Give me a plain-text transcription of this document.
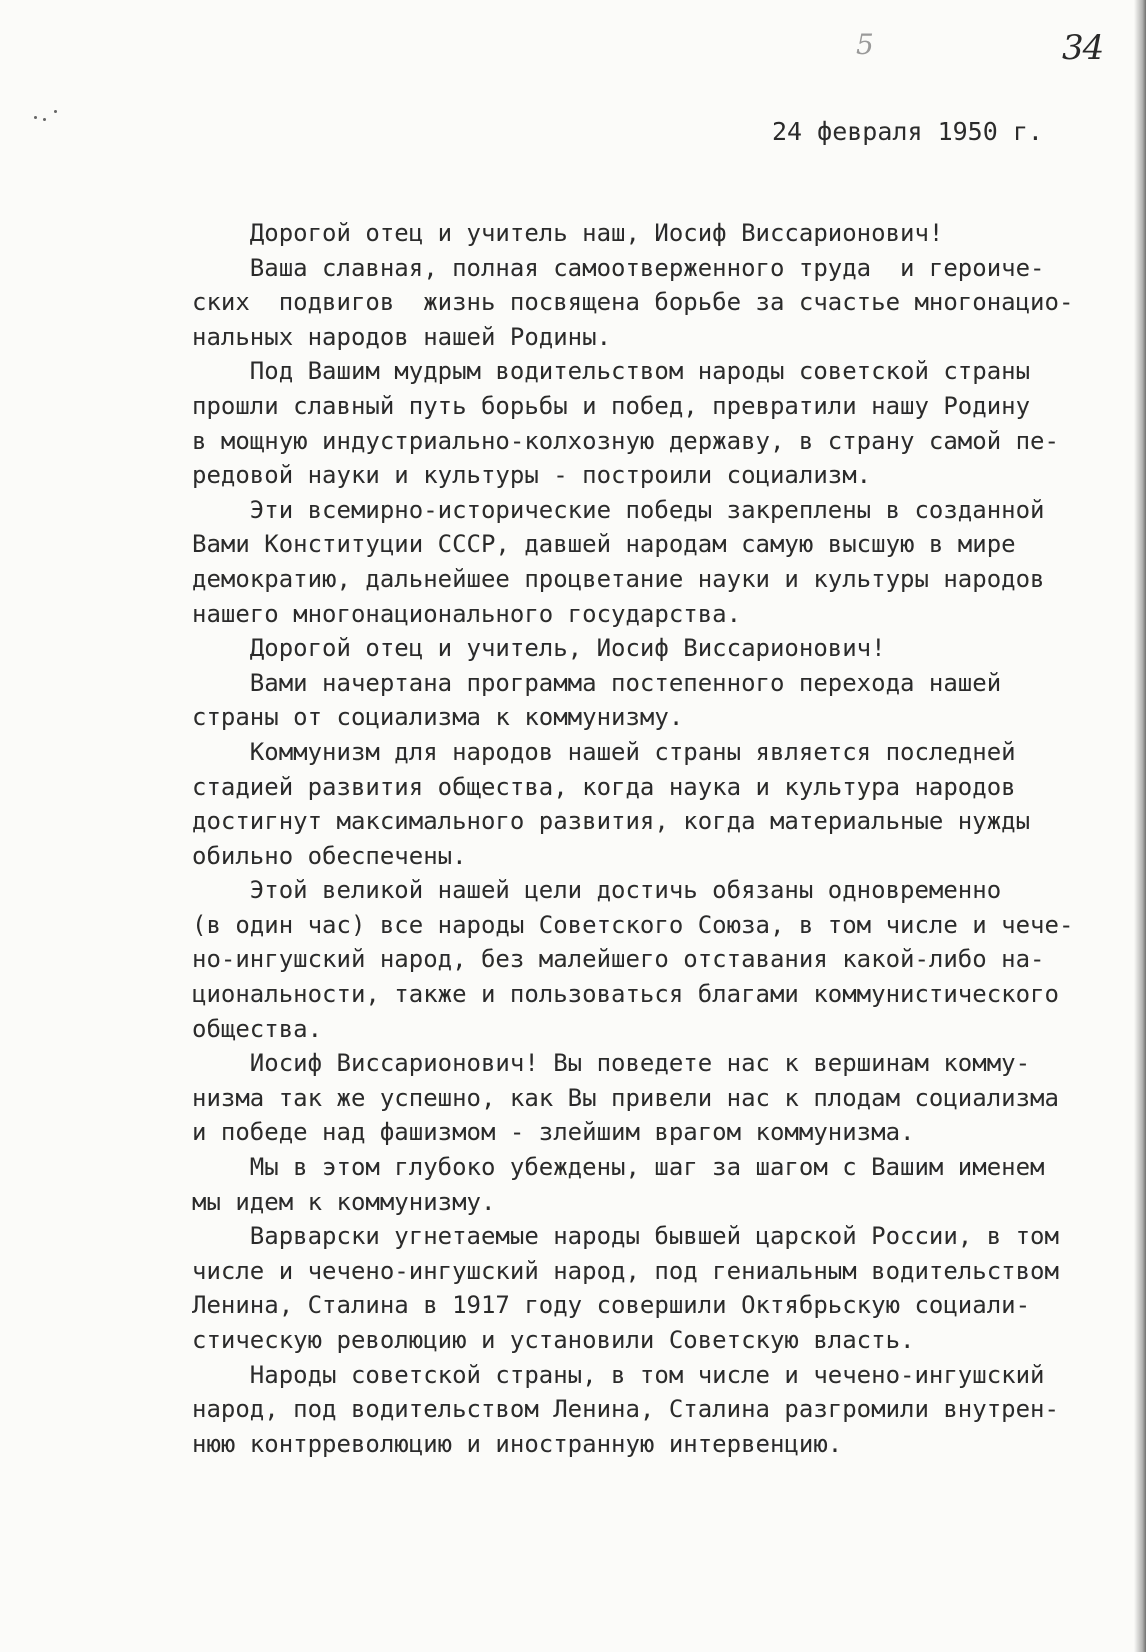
5	34
24 февраля 1950 г.
Дорогой отец и учитель наш, Иосиф Виссарионович!
Ваша славная, полная самоотверженного труда  и героиче-
ских  подвигов  жизнь посвящена борьбе за счастье многонацио-
нальных народов нашей Родины.
Под Вашим мудрым водительством народы советской страны
прошли славный путь борьбы и побед, превратили нашу Родину
в мощную индустриально-колхозную державу, в страну самой пе-
редовой науки и культуры - построили социализм.
Эти всемирно-исторические победы закреплены в созданной
Вами Конституции СССР, давшей народам самую высшую в мире
демократию, дальнейшее процветание науки и культуры народов
нашего многонационального государства.
Дорогой отец и учитель, Иосиф Виссарионович!
Вами начертана программа постепенного перехода нашей
страны от социализма к коммунизму.
Коммунизм для народов нашей страны является последней
стадией развития общества, когда наука и культура народов
достигнут максимального развития, когда материальные нужды
обильно обеспечены.
Этой великой нашей цели достичь обязаны одновременно
(в один час) все народы Советского Союза, в том числе и чече-
но-ингушский народ, без малейшего отставания какой-либо на-
циональности, также и пользоваться благами коммунистического
общества.
Иосиф Виссарионович! Вы поведете нас к вершинам комму-
низма так же успешно, как Вы привели нас к плодам социализма
и победе над фашизмом - злейшим врагом коммунизма.
Мы в этом глубоко убеждены, шаг за шагом с Вашим именем
мы идем к коммунизму.
Варварски угнетаемые народы бывшей царской России, в том
числе и чечено-ингушский народ, под гениальным водительством
Ленина, Сталина в 1917 году совершили Октябрьскую социали-
стическую революцию и установили Советскую власть.
Народы советской страны, в том числе и чечено-ингушский
народ, под водительством Ленина, Сталина разгромили внутрен-
нюю контрреволюцию и иностранную интервенцию.
